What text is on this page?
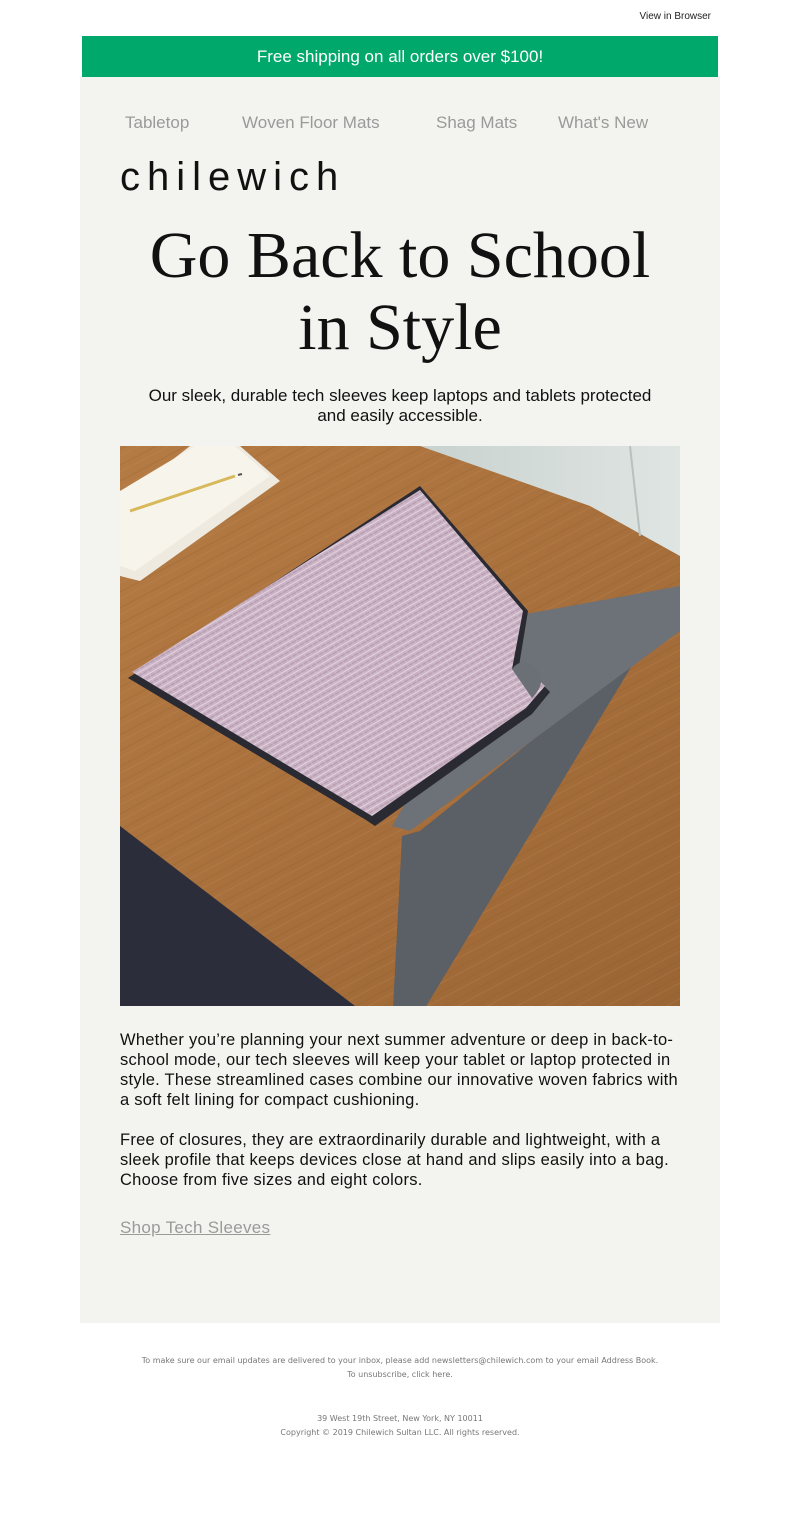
View in Browser
Free shipping on all orders over $100!
Tabletop	Woven Floor Mats	Shag Mats What's New
chilewich
Go Back to School
in Style
Our sleek, durable tech sleeves keep laptops and tablets protected
and easily accessible.
Whether you’re planning your next summer adventure or deep in back-to-
school mode, our tech sleeves will keep your tablet or laptop protected in
style. These streamlined cases combine our innovative woven fabrics with
a soft felt lining for compact cushioning.
Free of closures, they are extraordinarily durable and lightweight, with a
sleek profile that keeps devices close at hand and slips easily into a bag.
Choose from five sizes and eight colors.
Shop Tech Sleeves
To make sure our email updates are delivered to your inbox, please add newsletters@chilewich.com to your email Address Book.
To unsubscribe, click here.
39 West 19th Street, New York, NY 10011
Copyright © 2019 Chilewich Sultan LLC. All rights reserved.
